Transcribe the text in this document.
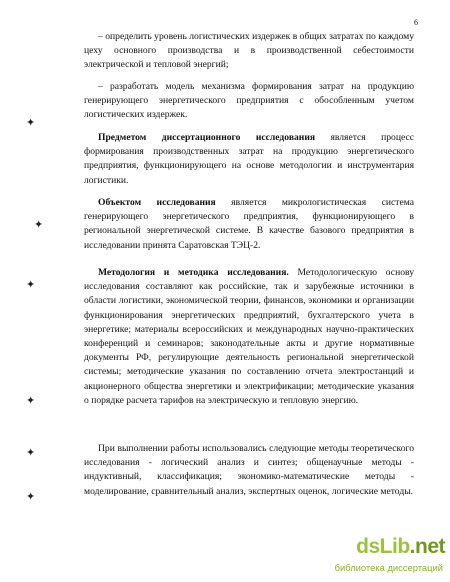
6

– определить уровень логистических издержек в общих затратах по каждому
цеху основного производства и в производственной себестоимости
электрической и тепловой энергий;

– разработать модель механизма формирования затрат на продукцию
генерирующего энергетического предприятия с обособленным учетом
логистических издержек.

Предметом диссертационного исследования является процесс
формирования производственных затрат на продукцию энергетического
предприятия, функционирующего на основе методологии и инструментария
логистики.

Объектом исследования является микрологистическая система
генерирующего энергетического предприятия, функционирующего в
региональной энергетической системе. В качестве базового предприятия в
исследовании принята Саратовская ТЭЦ-2.

Методология и методика исследования. Методологическую основу
исследования составляют как российские, так и зарубежные источники в
области логистики, экономической теории, финансов, экономики и организации
функционирования энергетических предприятий, бухгалтерского учета в
энергетике; материалы всероссийских и международных научно-практических
конференций и семинаров; законодательные акты и другие нормативные
документы РФ, регулирующие деятельность региональной энергетической
системы; методические указания по составлению отчета электростанций и
акционерного общества энергетики и электрификации; методические указания
о порядке расчета тарифов на электрическую и тепловую энергию.

При выполнении работы использовались следующие методы теоретического
исследования - логический анализ и синтез; общенаучные методы -
индуктивный, классификация; экономико-математические методы -
моделирование, сравнительный анализ, экспертных оценок, логические методы.

✦
✦
✦
✦
✦
✦
dsLib.net
библиотека диссертаций
